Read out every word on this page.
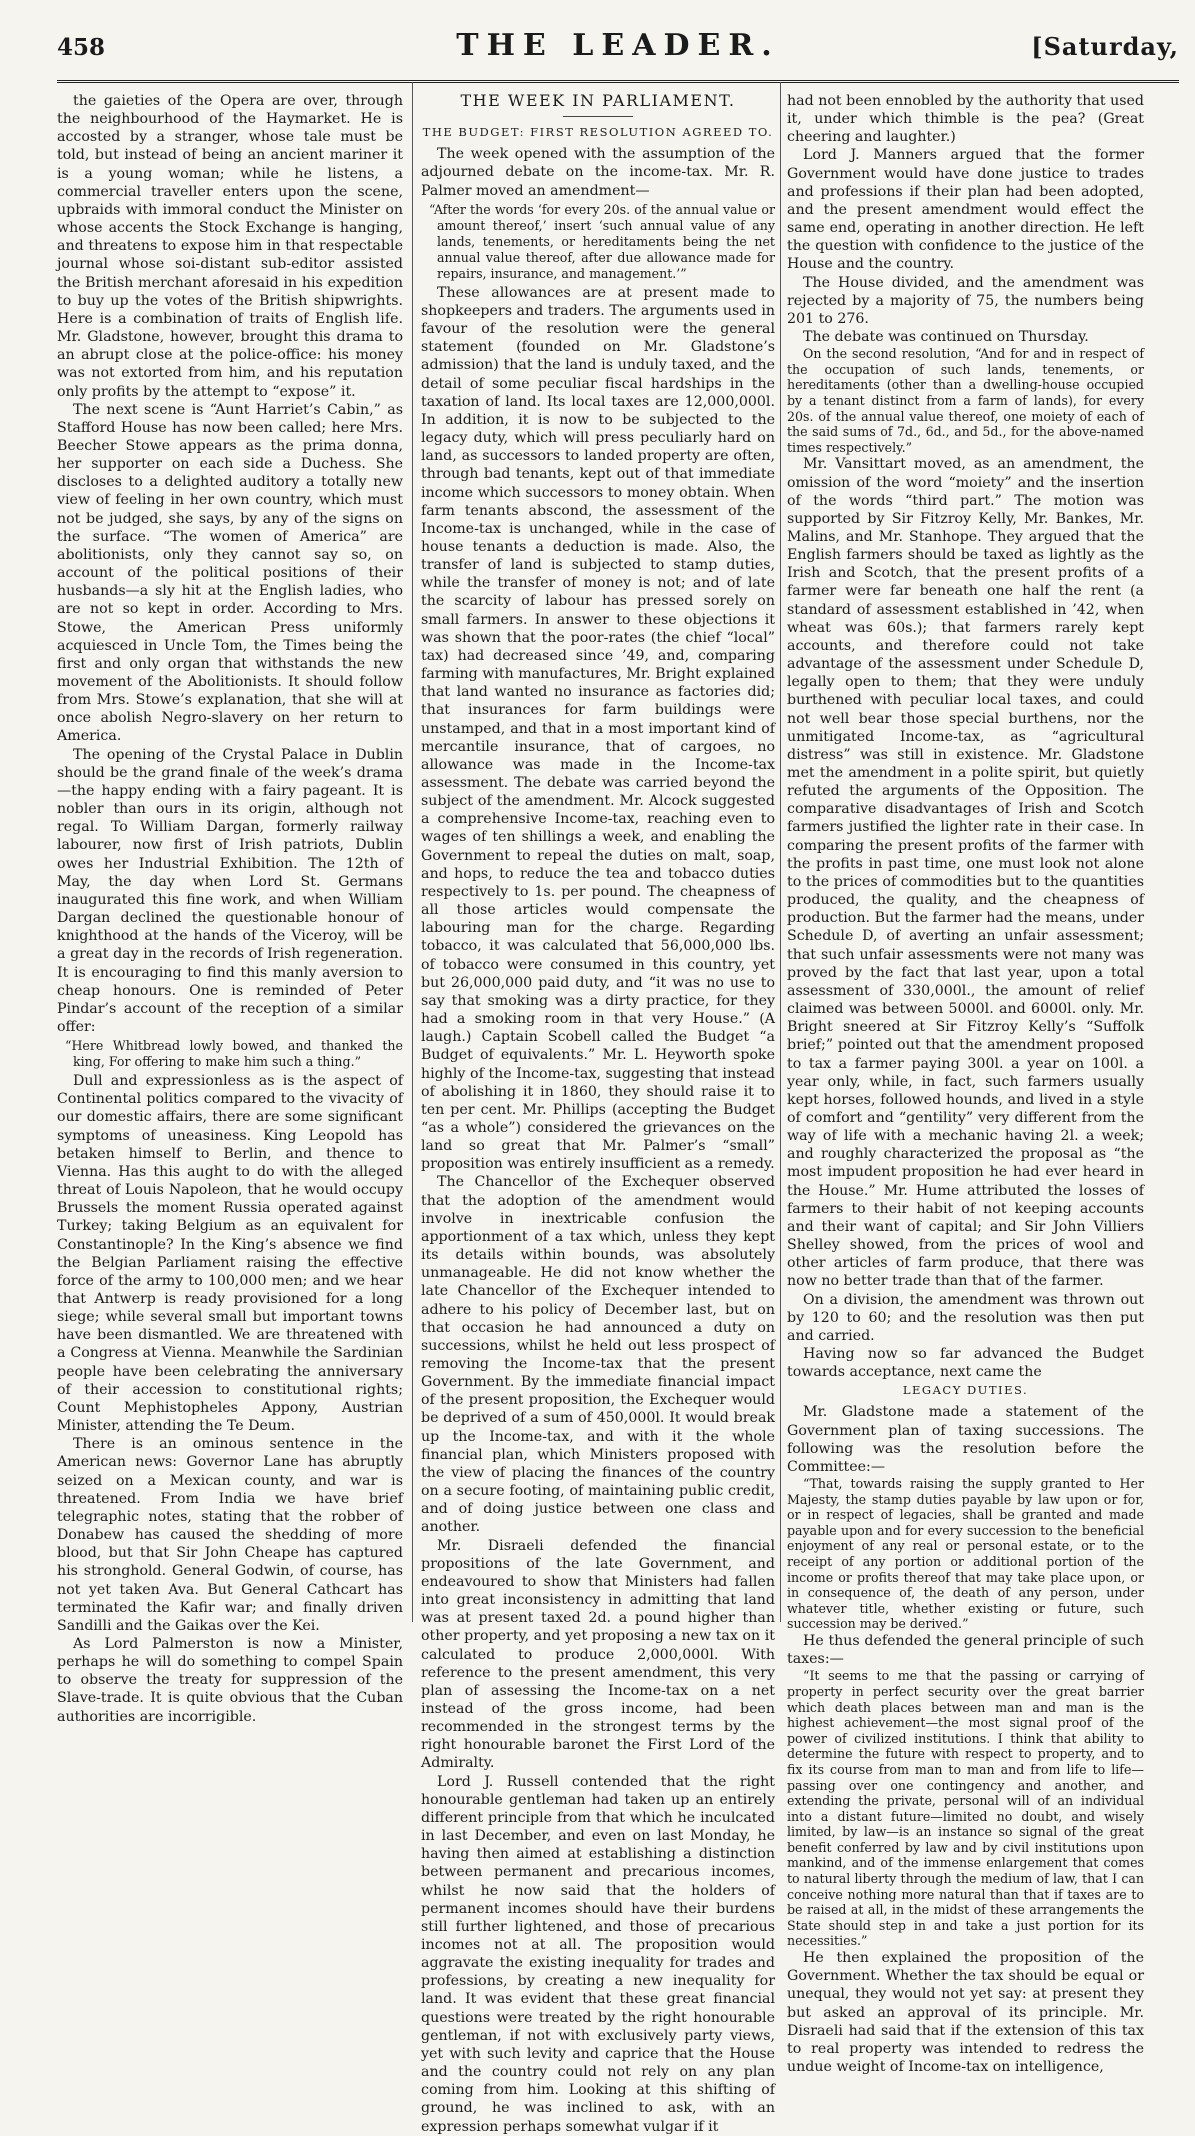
458	THE LEADER.	[Saturday,

the gaieties of the Opera are over, through the neighbourhood of the Haymarket. He is accosted by a stranger, whose tale must be told, but instead of being an ancient mariner it is a young woman; while he listens, a commercial traveller enters upon the scene, upbraids with immoral conduct the Minister on whose accents the Stock Exchange is hanging, and threatens to expose him in that respectable journal whose soi-distant sub-editor assisted the British merchant aforesaid in his expedition to buy up the votes of the British shipwrights. Here is a combination of traits of English life. Mr. Gladstone, however, brought this drama to an abrupt close at the police-office: his money was not extorted from him, and his reputation only profits by the attempt to “expose” it.

The next scene is “Aunt Harriet’s Cabin,” as Stafford House has now been called; here Mrs. Beecher Stowe appears as the prima donna, her supporter on each side a Duchess. She discloses to a delighted auditory a totally new view of feeling in her own country, which must not be judged, she says, by any of the signs on the surface. “The women of America” are abolitionists, only they cannot say so, on account of the political positions of their husbands—a sly hit at the English ladies, who are not so kept in order. According to Mrs. Stowe, the American Press uniformly acquiesced in Uncle Tom, the Times being the first and only organ that withstands the new movement of the Abolitionists. It should follow from Mrs. Stowe’s explanation, that she will at once abolish Negro-slavery on her return to America.

The opening of the Crystal Palace in Dublin should be the grand finale of the week’s drama—the happy ending with a fairy pageant. It is nobler than ours in its origin, although not regal. To William Dargan, formerly railway labourer, now first of Irish patriots, Dublin owes her Industrial Exhibition. The 12th of May, the day when Lord St. Germans inaugurated this fine work, and when William Dargan declined the questionable honour of knighthood at the hands of the Viceroy, will be a great day in the records of Irish regeneration. It is encouraging to find this manly aversion to cheap honours. One is reminded of Peter Pindar’s account of the reception of a similar offer:

“Here Whitbread lowly bowed, and thanked the king, For offering to make him such a thing.”

Dull and expressionless as is the aspect of Continental politics compared to the vivacity of our domestic affairs, there are some significant symptoms of uneasiness. King Leopold has betaken himself to Berlin, and thence to Vienna. Has this aught to do with the alleged threat of Louis Napoleon, that he would occupy Brussels the moment Russia operated against Turkey; taking Belgium as an equivalent for Constantinople? In the King’s absence we find the Belgian Parliament raising the effective force of the army to 100,000 men; and we hear that Antwerp is ready provisioned for a long siege; while several small but important towns have been dismantled. We are threatened with a Congress at Vienna. Meanwhile the Sardinian people have been celebrating the anniversary of their accession to constitutional rights; Count Mephistopheles Appony, Austrian Minister, attending the Te Deum.

There is an ominous sentence in the American news: Governor Lane has abruptly seized on a Mexican county, and war is threatened. From India we have brief telegraphic notes, stating that the robber of Donabew has caused the shedding of more blood, but that Sir John Cheape has captured his stronghold. General Godwin, of course, has not yet taken Ava. But General Cathcart has terminated the Kafir war; and finally driven Sandilli and the Gaikas over the Kei.

As Lord Palmerston is now a Minister, perhaps he will do something to compel Spain to observe the treaty for suppression of the Slave-trade. It is quite obvious that the Cuban authorities are incorrigible.

THE WEEK IN PARLIAMENT.

THE BUDGET: FIRST RESOLUTION AGREED TO.

The week opened with the assumption of the adjourned debate on the income-tax. Mr. R. Palmer moved an amendment—

“After the words ‘for every 20s. of the annual value or amount thereof,’ insert ‘such annual value of any lands, tenements, or hereditaments being the net annual value thereof, after due allowance made for repairs, insurance, and management.’”

These allowances are at present made to shopkeepers and traders. The arguments used in favour of the resolution were the general statement (founded on Mr. Gladstone’s admission) that the land is unduly taxed, and the detail of some peculiar fiscal hardships in the taxation of land. Its local taxes are 12,000,000l. In addition, it is now to be subjected to the legacy duty, which will press peculiarly hard on land, as successors to landed property are often, through bad tenants, kept out of that immediate income which successors to money obtain. When farm tenants abscond, the assessment of the Income-tax is unchanged, while in the case of house tenants a deduction is made. Also, the transfer of land is subjected to stamp duties, while the transfer of money is not; and of late the scarcity of labour has pressed sorely on small farmers. In answer to these objections it was shown that the poor-rates (the chief “local” tax) had decreased since ’49, and, comparing farming with manufactures, Mr. Bright explained that land wanted no insurance as factories did; that insurances for farm buildings were unstamped, and that in a most important kind of mercantile insurance, that of cargoes, no allowance was made in the Income-tax assessment. The debate was carried beyond the subject of the amendment. Mr. Alcock suggested a comprehensive Income-tax, reaching even to wages of ten shillings a week, and enabling the Government to repeal the duties on malt, soap, and hops, to reduce the tea and tobacco duties respectively to 1s. per pound. The cheapness of all those articles would compensate the labouring man for the charge. Regarding tobacco, it was calculated that 56,000,000 lbs. of tobacco were consumed in this country, yet but 26,000,000 paid duty, and “it was no use to say that smoking was a dirty practice, for they had a smoking room in that very House.” (A laugh.) Captain Scobell called the Budget “a Budget of equivalents.” Mr. L. Heyworth spoke highly of the Income-tax, suggesting that instead of abolishing it in 1860, they should raise it to ten per cent. Mr. Phillips (accepting the Budget “as a whole”) considered the grievances on the land so great that Mr. Palmer’s “small” proposition was entirely insufficient as a remedy.

The Chancellor of the Exchequer observed that the adoption of the amendment would involve in inextricable confusion the apportionment of a tax which, unless they kept its details within bounds, was absolutely unmanageable. He did not know whether the late Chancellor of the Exchequer intended to adhere to his policy of December last, but on that occasion he had announced a duty on successions, whilst he held out less prospect of removing the Income-tax that the present Government. By the immediate financial impact of the present proposition, the Exchequer would be deprived of a sum of 450,000l. It would break up the Income-tax, and with it the whole financial plan, which Ministers proposed with the view of placing the finances of the country on a secure footing, of maintaining public credit, and of doing justice between one class and another.

Mr. Disraeli defended the financial propositions of the late Government, and endeavoured to show that Ministers had fallen into great inconsistency in admitting that land was at present taxed 2d. a pound higher than other property, and yet proposing a new tax on it calculated to produce 2,000,000l. With reference to the present amendment, this very plan of assessing the Income-tax on a net instead of the gross income, had been recommended in the strongest terms by the right honourable baronet the First Lord of the Admiralty.

Lord J. Russell contended that the right honourable gentleman had taken up an entirely different principle from that which he inculcated in last December, and even on last Monday, he having then aimed at establishing a distinction between permanent and precarious incomes, whilst he now said that the holders of permanent incomes should have their burdens still further lightened, and those of precarious incomes not at all. The proposition would aggravate the existing inequality for trades and professions, by creating a new inequality for land. It was evident that these great financial questions were treated by the right honourable gentleman, if not with exclusively party views, yet with such levity and caprice that the House and the country could not rely on any plan coming from him. Looking at this shifting of ground, he was inclined to ask, with an expression perhaps somewhat vulgar if it

had not been ennobled by the authority that used it, under which thimble is the pea? (Great cheering and laughter.)

Lord J. Manners argued that the former Government would have done justice to trades and professions if their plan had been adopted, and the present amendment would effect the same end, operating in another direction. He left the question with confidence to the justice of the House and the country.

The House divided, and the amendment was rejected by a majority of 75, the numbers being 201 to 276.

The debate was continued on Thursday.

On the second resolution, “And for and in respect of the occupation of such lands, tenements, or hereditaments (other than a dwelling-house occupied by a tenant distinct from a farm of lands), for every 20s. of the annual value thereof, one moiety of each of the said sums of 7d., 6d., and 5d., for the above-named times respectively.”

Mr. Vansittart moved, as an amendment, the omission of the word “moiety” and the insertion of the words “third part.” The motion was supported by Sir Fitzroy Kelly, Mr. Bankes, Mr. Malins, and Mr. Stanhope. They argued that the English farmers should be taxed as lightly as the Irish and Scotch, that the present profits of a farmer were far beneath one half the rent (a standard of assessment established in ’42, when wheat was 60s.); that farmers rarely kept accounts, and therefore could not take advantage of the assessment under Schedule D, legally open to them; that they were unduly burthened with peculiar local taxes, and could not well bear those special burthens, nor the unmitigated Income-tax, as “agricultural distress” was still in existence. Mr. Gladstone met the amendment in a polite spirit, but quietly refuted the arguments of the Opposition. The comparative disadvantages of Irish and Scotch farmers justified the lighter rate in their case. In comparing the present profits of the farmer with the profits in past time, one must look not alone to the prices of commodities but to the quantities produced, the quality, and the cheapness of production. But the farmer had the means, under Schedule D, of averting an unfair assessment; that such unfair assessments were not many was proved by the fact that last year, upon a total assessment of 330,000l., the amount of relief claimed was between 5000l. and 6000l. only. Mr. Bright sneered at Sir Fitzroy Kelly’s “Suffolk brief;” pointed out that the amendment proposed to tax a farmer paying 300l. a year on 100l. a year only, while, in fact, such farmers usually kept horses, followed hounds, and lived in a style of comfort and “gentility” very different from the way of life with a mechanic having 2l. a week; and roughly characterized the proposal as “the most impudent proposition he had ever heard in the House.” Mr. Hume attributed the losses of farmers to their habit of not keeping accounts and their want of capital; and Sir John Villiers Shelley showed, from the prices of wool and other articles of farm produce, that there was now no better trade than that of the farmer.

On a division, the amendment was thrown out by 120 to 60; and the resolution was then put and carried.

Having now so far advanced the Budget towards acceptance, next came the

LEGACY DUTIES.

Mr. Gladstone made a statement of the Government plan of taxing successions. The following was the resolution before the Committee:—

“That, towards raising the supply granted to Her Majesty, the stamp duties payable by law upon or for, or in respect of legacies, shall be granted and made payable upon and for every succession to the beneficial enjoyment of any real or personal estate, or to the receipt of any portion or additional portion of the income or profits thereof that may take place upon, or in consequence of, the death of any person, under whatever title, whether existing or future, such succession may be derived.”

He thus defended the general principle of such taxes:—

“It seems to me that the passing or carrying of property in perfect security over the great barrier which death places between man and man is the highest achievement—the most signal proof of the power of civilized institutions. I think that ability to determine the future with respect to property, and to fix its course from man to man and from life to life—passing over one contingency and another, and extending the private, personal will of an individual into a distant future—limited no doubt, and wisely limited, by law—is an instance so signal of the great benefit conferred by law and by civil institutions upon mankind, and of the immense enlargement that comes to natural liberty through the medium of law, that I can conceive nothing more natural than that if taxes are to be raised at all, in the midst of these arrangements the State should step in and take a just portion for its necessities.”

He then explained the proposition of the Government. Whether the tax should be equal or unequal, they would not yet say: at present they but asked an approval of its principle. Mr. Disraeli had said that if the extension of this tax to real property was intended to redress the undue weight of Income-tax on intelligence,
